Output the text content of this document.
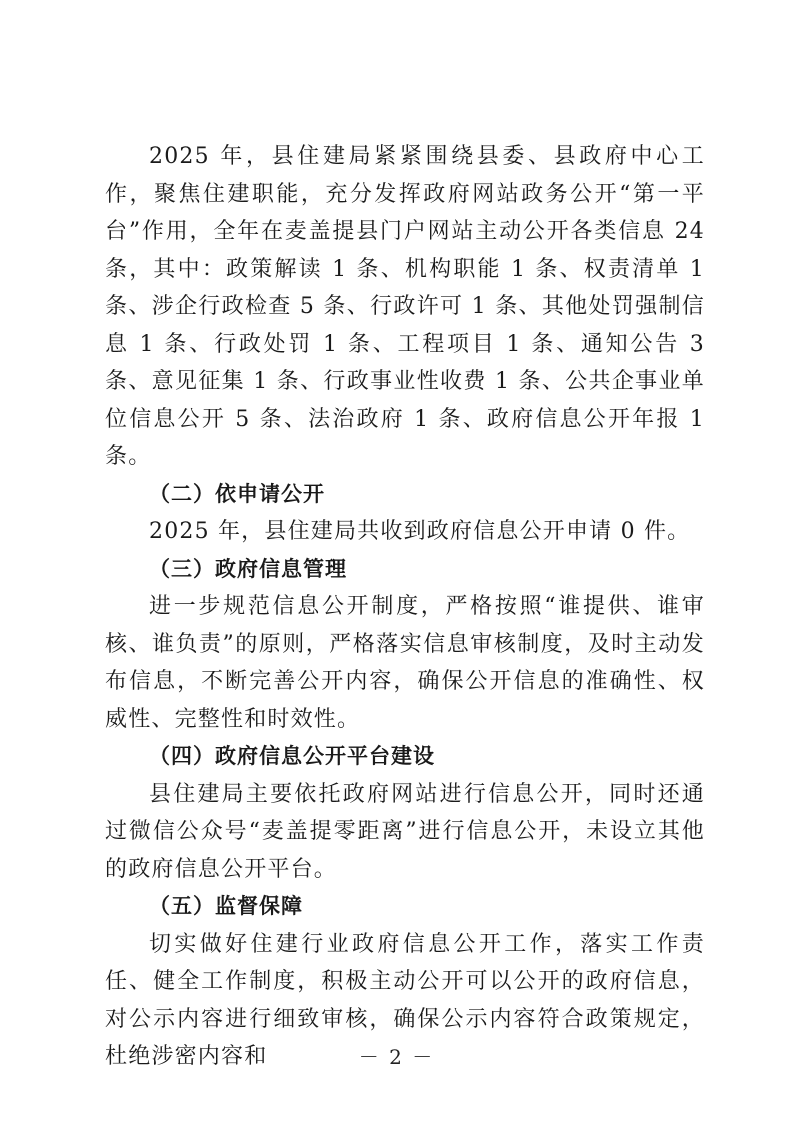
2025 年，县住建局紧紧围绕县委、县政府中心工作，聚焦住建职能，充分发挥政府网站政务公开“第一平台”作用，全年在麦盖提县门户网站主动公开各类信息 24 条，其中：政策解读 1 条、机构职能 1 条、权责清单 1 条、涉企行政检查 5 条、行政许可 1 条、其他处罚强制信息 1 条、行政处罚 1 条、工程项目 1 条、通知公告 3 条、意见征集 1 条、行政事业性收费 1 条、公共企事业单位信息公开 5 条、法治政府 1 条、政府信息公开年报 1 条。

（二）依申请公开

2025 年，县住建局共收到政府信息公开申请 0 件。

（三）政府信息管理

进一步规范信息公开制度，严格按照“谁提供、谁审核、谁负责”的原则，严格落实信息审核制度，及时主动发布信息，不断完善公开内容，确保公开信息的准确性、权威性、完整性和时效性。

（四）政府信息公开平台建设

县住建局主要依托政府网站进行信息公开，同时还通过微信公众号“麦盖提零距离”进行信息公开，未设立其他的政府信息公开平台。

（五）监督保障

切实做好住建行业政府信息公开工作，落实工作责任、健全工作制度，积极主动公开可以公开的政府信息，对公示内容进行细致审核，确保公示内容符合政策规定，杜绝涉密内容和	－ 2 －
